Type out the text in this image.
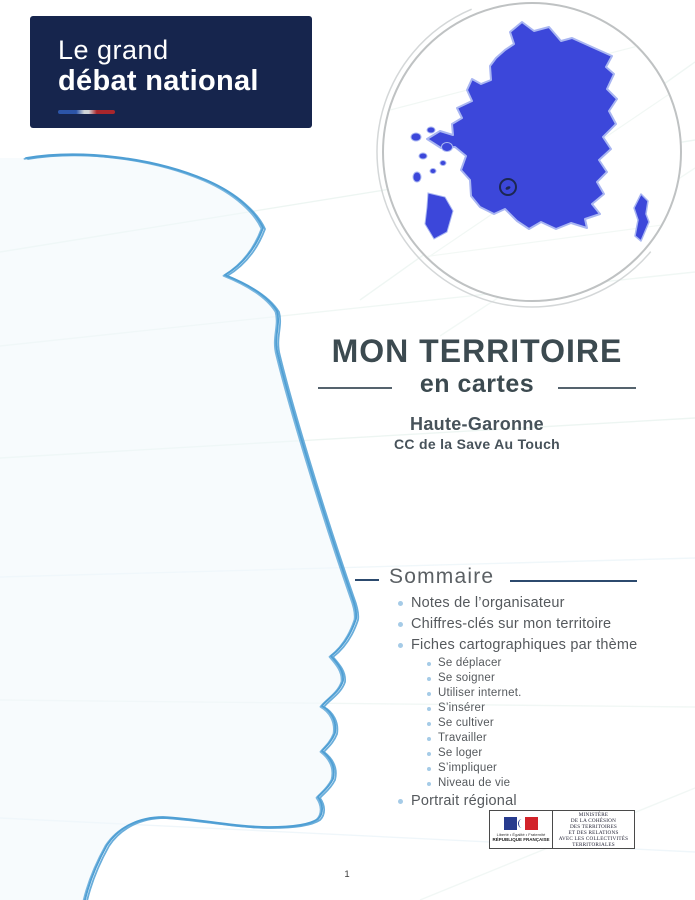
Le grand
débat national
MON TERRITOIRE
en cartes
Haute-Garonne
CC de la Save Au Touch
Sommaire
Notes de l’organisateur
Chiffres-clés sur mon territoire
Fiches cartographiques par thème
Se déplacer
Se soigner
Utiliser internet.
S’insérer
Se cultiver
Travailler
Se loger
S’impliquer
Niveau de vie
Portrait régional
Liberté • Égalité • Fraternité
RÉPUBLIQUE FRANÇAISE
MINISTÈRE
DE LA COHÉSION
DES TERRITOIRES
ET DES RELATIONS
AVEC LES COLLECTIVITÉS
TERRITORIALES
1
